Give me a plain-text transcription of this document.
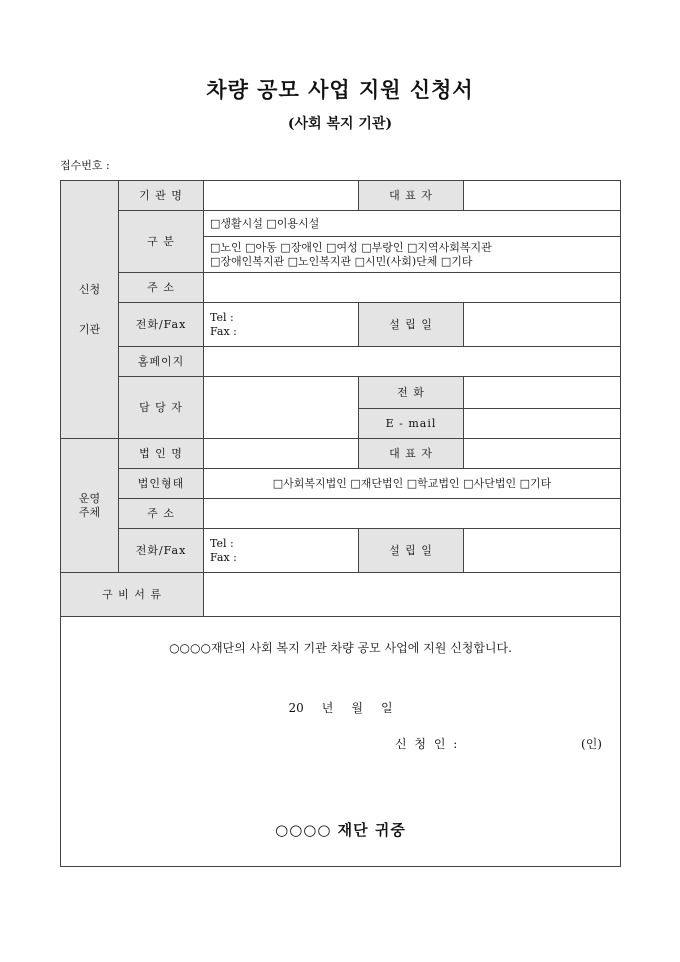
차량 공모 사업 지원 신청서
(사회 복지 기관)
접수번호 :
신청
기관	기 관 명		대 표 자	
	구 분	□생활시설 □이용시설		

		□노인 □아동 □장애인 □여성 □부랑인 □지역사회복지관
□장애인복지관 □노인복지관 □시민(사회)단체 □기타		

	주 소			
	전화/Fax	Tel :
Fax :	설 립 일	
	홈페이지			
	담 당 자		전 화	
			E - mail	

운영
주체	법 인 명		대 표 자	
	법인형태	□사회복지법인 □재단법인 □학교법인 □사단법인 □기타		

	주 소			
	전화/Fax	Tel :
Fax :	설 립 일	
구 비 서 류				

○○○○재단의 사회 복지 기관 차량 공모 사업에 지원 신청합니다.
20 년 월 일
신 청 인 : (인)
○○○○ 재단 귀중				
